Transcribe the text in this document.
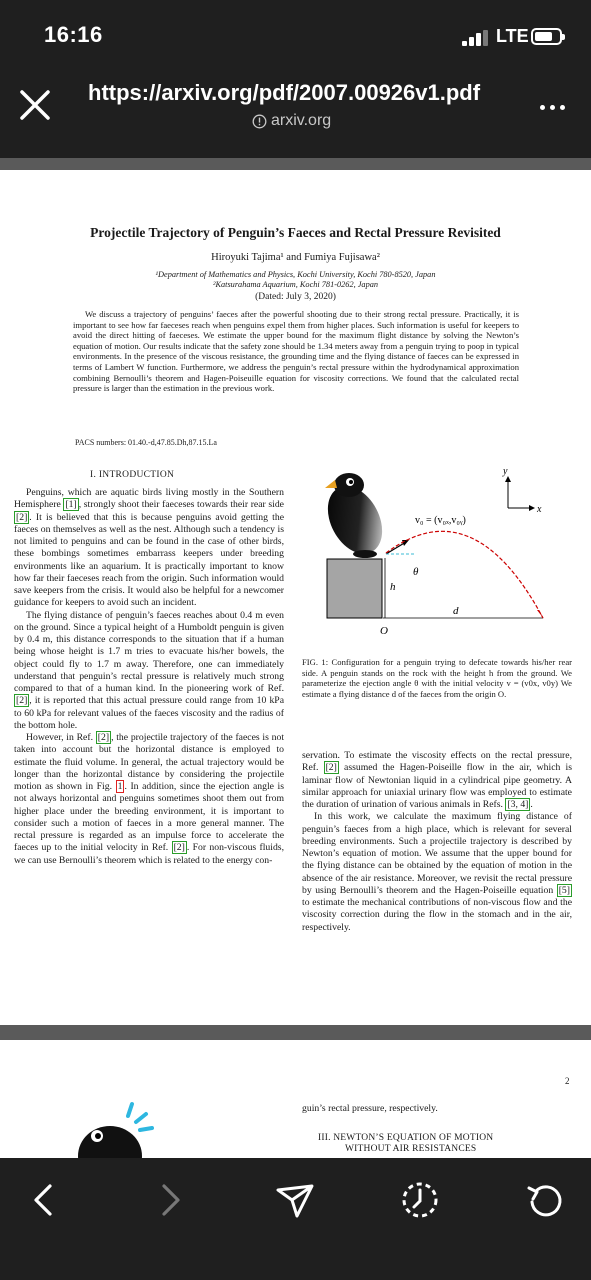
16:16	LTE
https://arxiv.org/pdf/2007.00926v1.pdf
arxiv.org
Projectile Trajectory of Penguin’s Faeces and Rectal Pressure Revisited
Hiroyuki Tajima¹ and Fumiya Fujisawa²
¹Department of Mathematics and Physics, Kochi University, Kochi 780-8520, Japan
²Katsurahama Aquarium, Kochi 781-0262, Japan
(Dated: July 3, 2020)
We discuss a trajectory of penguins’ faeces after the powerful shooting due to their strong rectal pressure. Practically, it is important to see how far faeceses reach when penguins expel them from higher places. Such information is useful for keepers to avoid the direct hitting of faeceses. We estimate the upper bound for the maximum flight distance by solving the Newton’s equation of motion. Our results indicate that the safety zone should be 1.34 meters away from a penguin trying to poop in typical environments. In the presence of the viscous resistance, the grounding time and the flying distance of faeces can be expressed in terms of Lambert W function. Furthermore, we address the penguin’s rectal pressure within the hydrodynamical approximation combining Bernoulli’s theorem and Hagen-Poiseuille equation for viscosity corrections. We found that the calculated rectal pressure is larger than the estimation in the previous work.
PACS numbers: 01.40.-d,47.85.Dh,87.15.La
I. INTRODUCTION

Penguins, which are aquatic birds living mostly in the Southern Hemisphere [1] , strongly shoot their faeceses towards their rear side [2] . It is believed that this is because penguins avoid getting the faeces on themselves as well as the nest. Although such a tendency is not limited to penguins and can be found in the case of other birds, these bombings sometimes embarrass keepers under breeding environments like an aquarium. It is practically important to know how far their faeceses reach from the origin. Such information would save keepers from the crisis. It would also be helpful for a newcomer guidance for keepers to avoid such an incident.

The flying distance of penguin’s faeces reaches about 0.4 m even on the ground. Since a typical height of a Humboldt penguin is given by 0.4 m, this distance corresponds to the situation that if a human being whose height is 1.7 m tries to evacuate his/her bowels, the object could fly to 1.7 m away. Therefore, one can immediately understand that penguin’s rectal pressure is relatively much strong compared to that of a human kind. In the pioneering work of Ref. [2] , it is reported that this actual pressure could range from 10 kPa to 60 kPa for relevant values of the faeces viscosity and the radius of the bottom hole.

However, in Ref. [2] , the projectile trajectory of the faeces is not taken into account but the horizontal distance is employed to estimate the fluid volume. In general, the actual trajectory would be longer than the horizontal distance by considering the projectile motion as shown in Fig. 1 . In addition, since the ejection angle is not always horizontal and penguins sometimes shoot them out from higher place under the breeding environment, it is important to consider such a motion of faeces in a more general manner. The rectal pressure is regarded as an impulse force to accelerate the faeces up to the initial velocity in Ref. [2] . For non-viscous fluids, we can use Bernoulli’s theorem which is related to the energy con-

y
x
h
d
O
θ
v₀ = (v₀ₓ,v₀ᵧ)
FIG. 1: Configuration for a penguin trying to defecate towards his/her rear side. A penguin stands on the rock with the height h from the ground. We parameterize the ejection angle θ with the initial velocity v = (v0x, v0y) We estimate a flying distance d of the faeces from the origin O.

servation. To estimate the viscosity effects on the rectal pressure, Ref. [2] assumed the Hagen-Poiseille flow in the air, which is laminar flow of Newtonian liquid in a cylindrical pipe geometry. A similar approach for uniaxial urinary flow was employed to estimate the duration of urination of various animals in Refs. [3, 4] .

In this work, we calculate the maximum flying distance of penguin’s faeces from a high place, which is relevant for several breeding environments. Such a projectile trajectory is described by Newton’s equation of motion. We assume that the upper bound for the flying distance can be obtained by the equation of motion in the absence of the air resistance. Moreover, we revisit the rectal pressure by using Bernoulli’s theorem and the Hagen-Poiseille equation [5] to estimate the mechanical contributions of non-viscous flow and the viscosity correction during the flow in the stomach and in the air, respectively.

2
guin’s rectal pressure, respectively.
III. NEWTON’S EQUATION OF MOTION
WITHOUT AIR RESISTANCES
